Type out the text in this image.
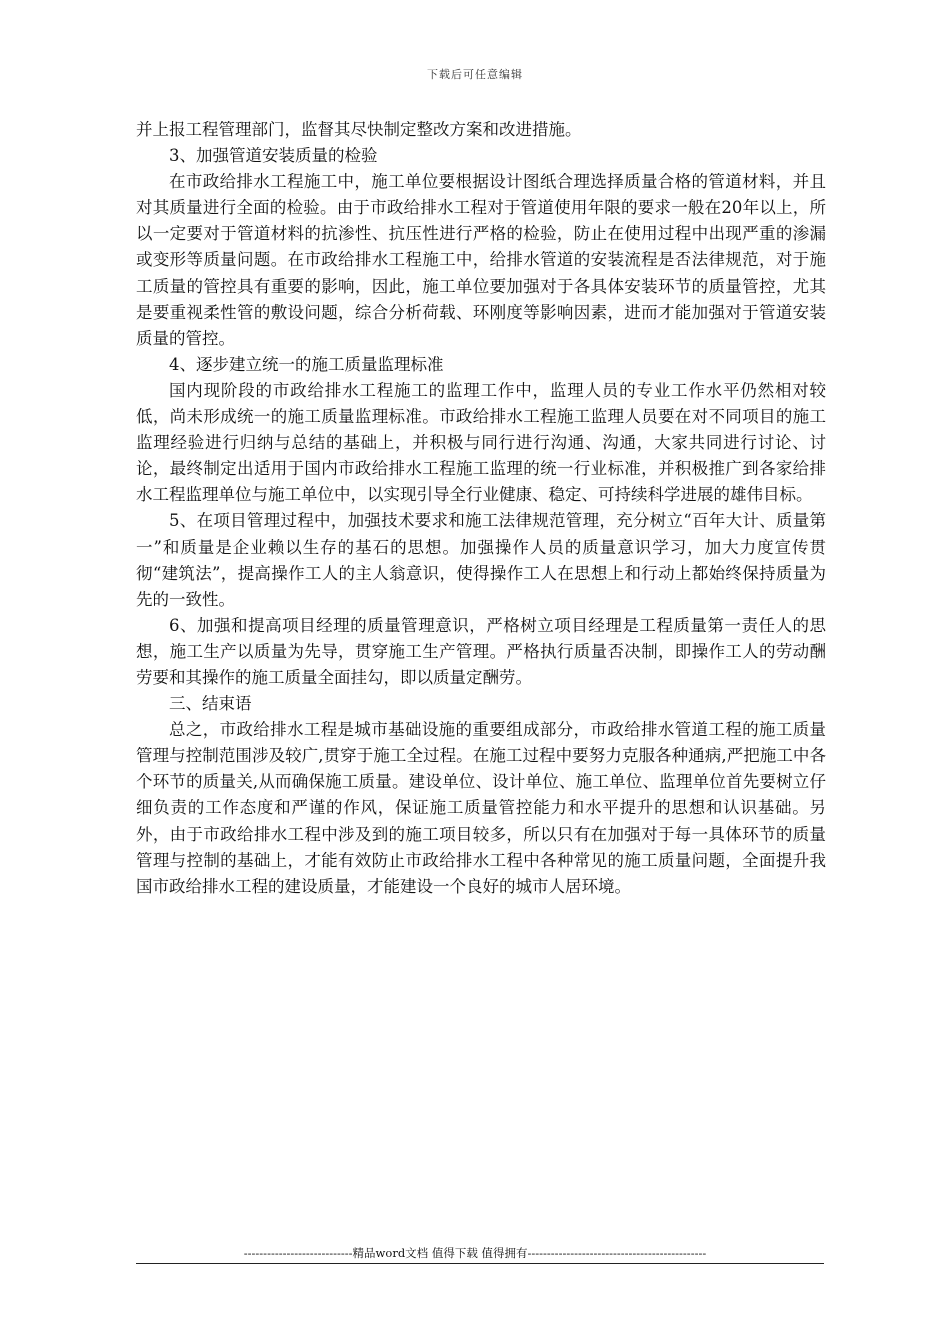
下载后可任意编辑

并上报工程管理部门，监督其尽快制定整改方案和改进措施。

3、加强管道安装质量的检验

在市政给排水工程施工中，施工单位要根据设计图纸合理选择质量合格的管道材料，并且对其质量进行全面的检验。由于市政给排水工程对于管道使用年限的要求一般在20年以上，所以一定要对于管道材料的抗渗性、抗压性进行严格的检验，防止在使用过程中出现严重的渗漏或变形等质量问题。在市政给排水工程施工中，给排水管道的安装流程是否法律规范，对于施工质量的管控具有重要的影响，因此，施工单位要加强对于各具体安装环节的质量管控，尤其是要重视柔性管的敷设问题，综合分析荷载、环刚度等影响因素，进而才能加强对于管道安装质量的管控。

4、逐步建立统一的施工质量监理标准

国内现阶段的市政给排水工程施工的监理工作中，监理人员的专业工作水平仍然相对较低，尚未形成统一的施工质量监理标准。市政给排水工程施工监理人员要在对不同项目的施工监理经验进行归纳与总结的基础上，并积极与同行进行沟通、沟通，大家共同进行讨论、讨论，最终制定出适用于国内市政给排水工程施工监理的统一行业标准，并积极推广到各家给排水工程监理单位与施工单位中，以实现引导全行业健康、稳定、可持续科学进展的雄伟目标。

5、在项目管理过程中，加强技术要求和施工法律规范管理，充分树立“百年大计、质量第一”和质量是企业赖以生存的基石的思想。加强操作人员的质量意识学习，加大力度宣传贯彻“建筑法”，提高操作工人的主人翁意识，使得操作工人在思想上和行动上都始终保持质量为先的一致性。

6、加强和提高项目经理的质量管理意识，严格树立项目经理是工程质量第一责任人的思想，施工生产以质量为先导，贯穿施工生产管理。严格执行质量否决制，即操作工人的劳动酬劳要和其操作的施工质量全面挂勾，即以质量定酬劳。

三、结束语

总之，市政给排水工程是城市基础设施的重要组成部分，市政给排水管道工程的施工质量管理与控制范围涉及较广,贯穿于施工全过程。在施工过程中要努力克服各种通病,严把施工中各个环节的质量关,从而确保施工质量。建设单位、设计单位、施工单位、监理单位首先要树立仔细负责的工作态度和严谨的作风，保证施工质量管控能力和水平提升的思想和认识基础。另外，由于市政给排水工程中涉及到的施工项目较多，所以只有在加强对于每一具体环节的质量管理与控制的基础上，才能有效防止市政给排水工程中各种常见的施工质量问题，全面提升我国市政给排水工程的建设质量，才能建设一个良好的城市人居环境。

----------------------------精品word文档 值得下载 值得拥有----------------------------------------------
